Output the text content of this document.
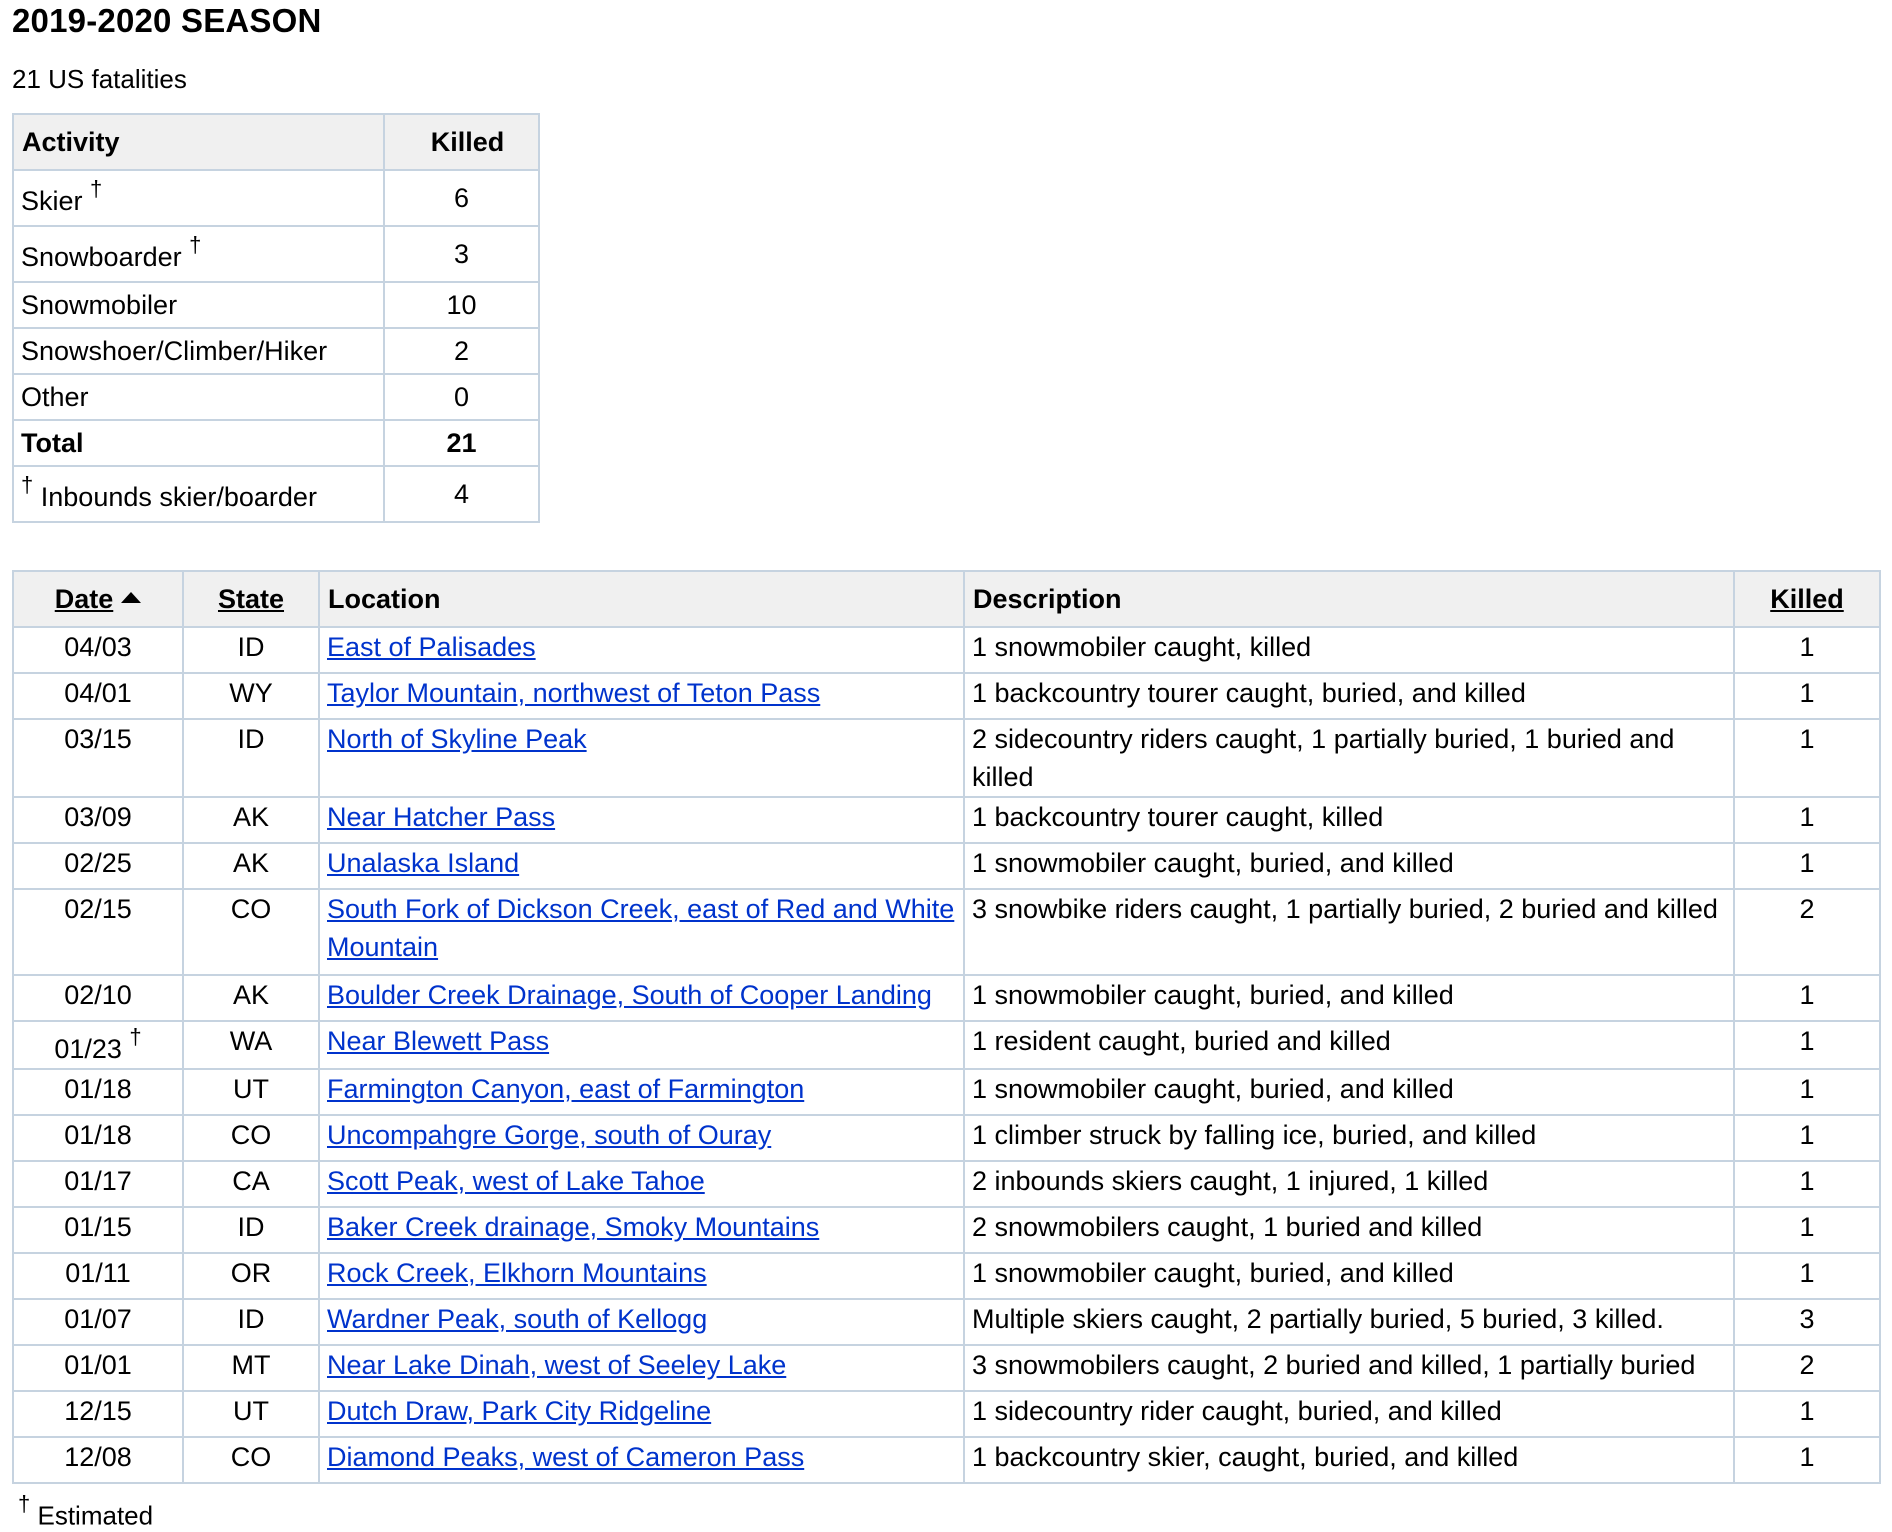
2019-2020 SEASON
21 US fatalities
Activity	Killed
Skier †	6
Snowboarder †	3
Snowmobiler	10
Snowshoer/Climber/Hiker	2
Other	0
Total	21
† Inbounds skier/boarder	4
Date	State	Location	Description	Killed
04/03	ID	East of Palisades	1 snowmobiler caught, killed	1
04/01	WY	Taylor Mountain, northwest of Teton Pass	1 backcountry tourer caught, buried, and killed	1
03/15	ID	North of Skyline Peak	2 sidecountry riders caught, 1 partially buried, 1 buried and killed	1
03/09	AK	Near Hatcher Pass	1 backcountry tourer caught, killed	1
02/25	AK	Unalaska Island	1 snowmobiler caught, buried, and killed	1
02/15	CO	South Fork of Dickson Creek, east of Red and White Mountain	3 snowbike riders caught, 1 partially buried, 2 buried and killed	2
02/10	AK	Boulder Creek Drainage, South of Cooper Landing	1 snowmobiler caught, buried, and killed	1
01/23 †	WA	Near Blewett Pass	1 resident caught, buried and killed	1
01/18	UT	Farmington Canyon, east of Farmington	1 snowmobiler caught, buried, and killed	1
01/18	CO	Uncompahgre Gorge, south of Ouray	1 climber struck by falling ice, buried, and killed	1
01/17	CA	Scott Peak, west of Lake Tahoe	2 inbounds skiers caught, 1 injured, 1 killed	1
01/15	ID	Baker Creek drainage, Smoky Mountains	2 snowmobilers caught, 1 buried and killed	1
01/11	OR	Rock Creek, Elkhorn Mountains	1 snowmobiler caught, buried, and killed	1
01/07	ID	Wardner Peak, south of Kellogg	Multiple skiers caught, 2 partially buried, 5 buried, 3 killed.	3
01/01	MT	Near Lake Dinah, west of Seeley Lake	3 snowmobilers caught, 2 buried and killed, 1 partially buried	2
12/15	UT	Dutch Draw, Park City Ridgeline	1 sidecountry rider caught, buried, and killed	1
12/08	CO	Diamond Peaks, west of Cameron Pass	1 backcountry skier, caught, buried, and killed	1
† Estimated
